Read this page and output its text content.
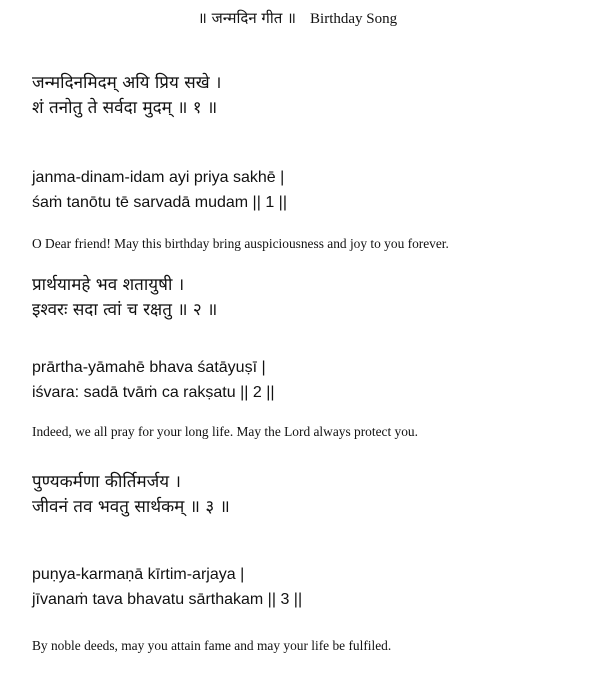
॥ जन्मदिन गीत ॥ Birthday Song
जन्मदिनमिदम् अयि प्रिय सखे ।
शं तनोतु ते सर्वदा मुदम् ॥ १ ॥
janma-dinam-idam ayi priya sakhē |
śaṁ tanōtu tē sarvadā mudam || 1 ||
O Dear friend! May this birthday bring auspiciousness and joy to you forever.
प्रार्थयामहे भव शतायुषी ।
इश्वरः सदा त्वां च रक्षतु ॥ २ ॥
prārtha-yāmahē bhava śatāyuṣī |
iśvara: sadā tvāṁ ca rakṣatu || 2 ||
Indeed, we all pray for your long life. May the Lord always protect you.
पुण्यकर्मणा कीर्तिमर्जय ।
जीवनं तव भवतु सार्थकम् ॥ ३ ॥
puṇya-karmaṇā kīrtim-arjaya |
jīvanaṁ tava bhavatu sārthakam || 3 ||
By noble deeds, may you attain fame and may your life be fulfiled.
